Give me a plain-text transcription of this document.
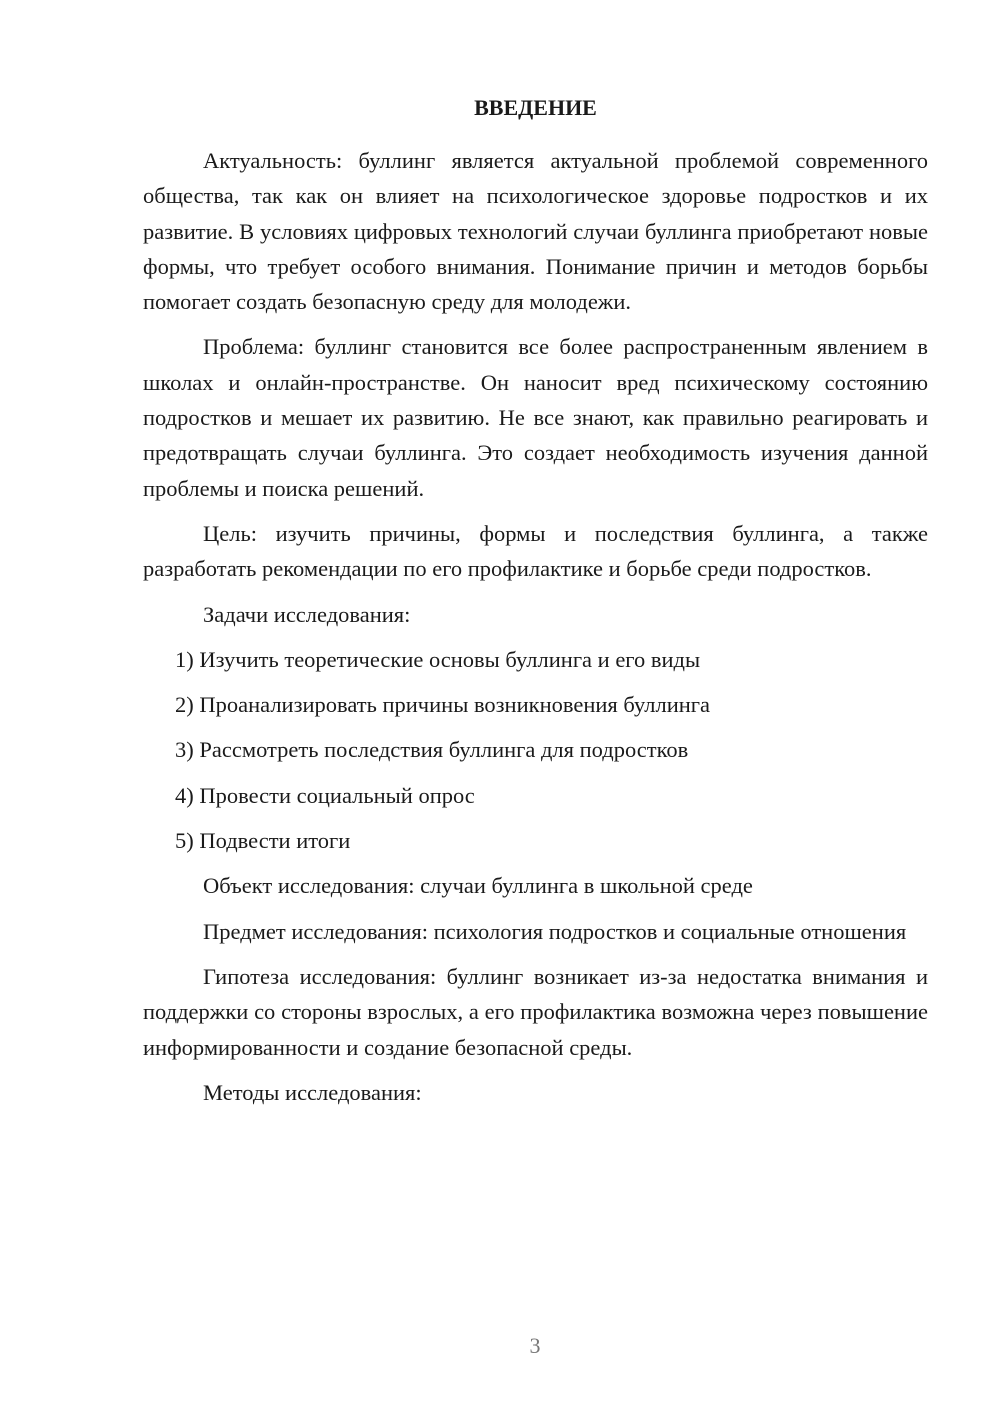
ВВЕДЕНИЕ

Актуальность: буллинг является актуальной проблемой современного общества, так как он влияет на психологическое здоровье подростков и их развитие. В условиях цифровых технологий случаи буллинга приобретают новые формы, что требует особого внимания. Понимание причин и методов борьбы помогает создать безопасную среду для молодежи.

Проблема: буллинг становится все более распространенным явлением в школах и онлайн-пространстве. Он наносит вред психическому состоянию подростков и мешает их развитию. Не все знают, как правильно реагировать и предотвращать случаи буллинга. Это создает необходимость изучения данной проблемы и поиска решений.

Цель: изучить причины, формы и последствия буллинга, а также разработать рекомендации по его профилактике и борьбе среди подростков.

Задачи исследования:

1) Изучить теоретические основы буллинга и его виды
2) Проанализировать причины возникновения буллинга
3) Рассмотреть последствия буллинга для подростков
4) Провести социальный опрос
5) Подвести итоги

Объект исследования: случаи буллинга в школьной среде

Предмет исследования: психология подростков и социальные отношения

Гипотеза исследования: буллинг возникает из-за недостатка внимания и поддержки со стороны взрослых, а его профилактика возможна через повышение информированности и создание безопасной среды.

Методы исследования:

3
